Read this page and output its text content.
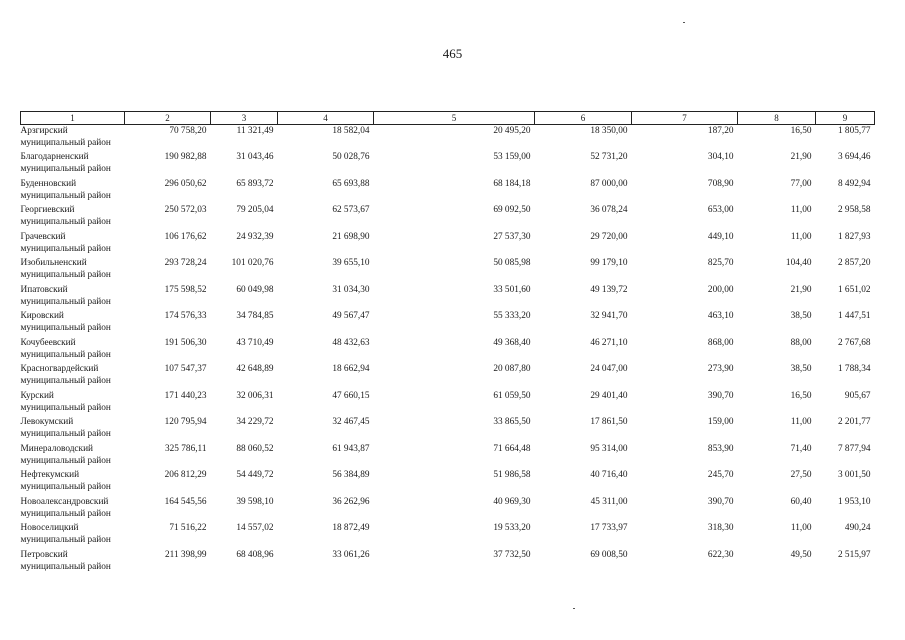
465
1	2	3	4	5	6	7	8	9

Арзгирский
муниципальный район	70 758,20	11 321,49	18 582,04	20 495,20	18 350,00	187,20	16,50	1 805,77

Благодарненский
муниципальный район	190 982,88	31 043,46	50 028,76	53 159,00	52 731,20	304,10	21,90	3 694,46

Буденновский
муниципальный район	296 050,62	65 893,72	65 693,88	68 184,18	87 000,00	708,90	77,00	8 492,94

Георгиевский
муниципальный район	250 572,03	79 205,04	62 573,67	69 092,50	36 078,24	653,00	11,00	2 958,58

Грачевский
муниципальный район	106 176,62	24 932,39	21 698,90	27 537,30	29 720,00	449,10	11,00	1 827,93

Изобильненский
муниципальный район	293 728,24	101 020,76	39 655,10	50 085,98	99 179,10	825,70	104,40	2 857,20

Ипатовский
муниципальный район	175 598,52	60 049,98	31 034,30	33 501,60	49 139,72	200,00	21,90	1 651,02

Кировский
муниципальный район	174 576,33	34 784,85	49 567,47	55 333,20	32 941,70	463,10	38,50	1 447,51

Кочубеевский
муниципальный район	191 506,30	43 710,49	48 432,63	49 368,40	46 271,10	868,00	88,00	2 767,68

Красногвардейский
муниципальный район	107 547,37	42 648,89	18 662,94	20 087,80	24 047,00	273,90	38,50	1 788,34

Курский
муниципальный район	171 440,23	32 006,31	47 660,15	61 059,50	29 401,40	390,70	16,50	905,67

Левокумский
муниципальный район	120 795,94	34 229,72	32 467,45	33 865,50	17 861,50	159,00	11,00	2 201,77

Минераловодский
муниципальный район	325 786,11	88 060,52	61 943,87	71 664,48	95 314,00	853,90	71,40	7 877,94

Нефтекумский
муниципальный район	206 812,29	54 449,72	56 384,89	51 986,58	40 716,40	245,70	27,50	3 001,50

Новоалександровский
муниципальный район	164 545,56	39 598,10	36 262,96	40 969,30	45 311,00	390,70	60,40	1 953,10

Новоселицкий
муниципальный район	71 516,22	14 557,02	18 872,49	19 533,20	17 733,97	318,30	11,00	490,24

Петровский
муниципальный район	211 398,99	68 408,96	33 061,26	37 732,50	69 008,50	622,30	49,50	2 515,97
